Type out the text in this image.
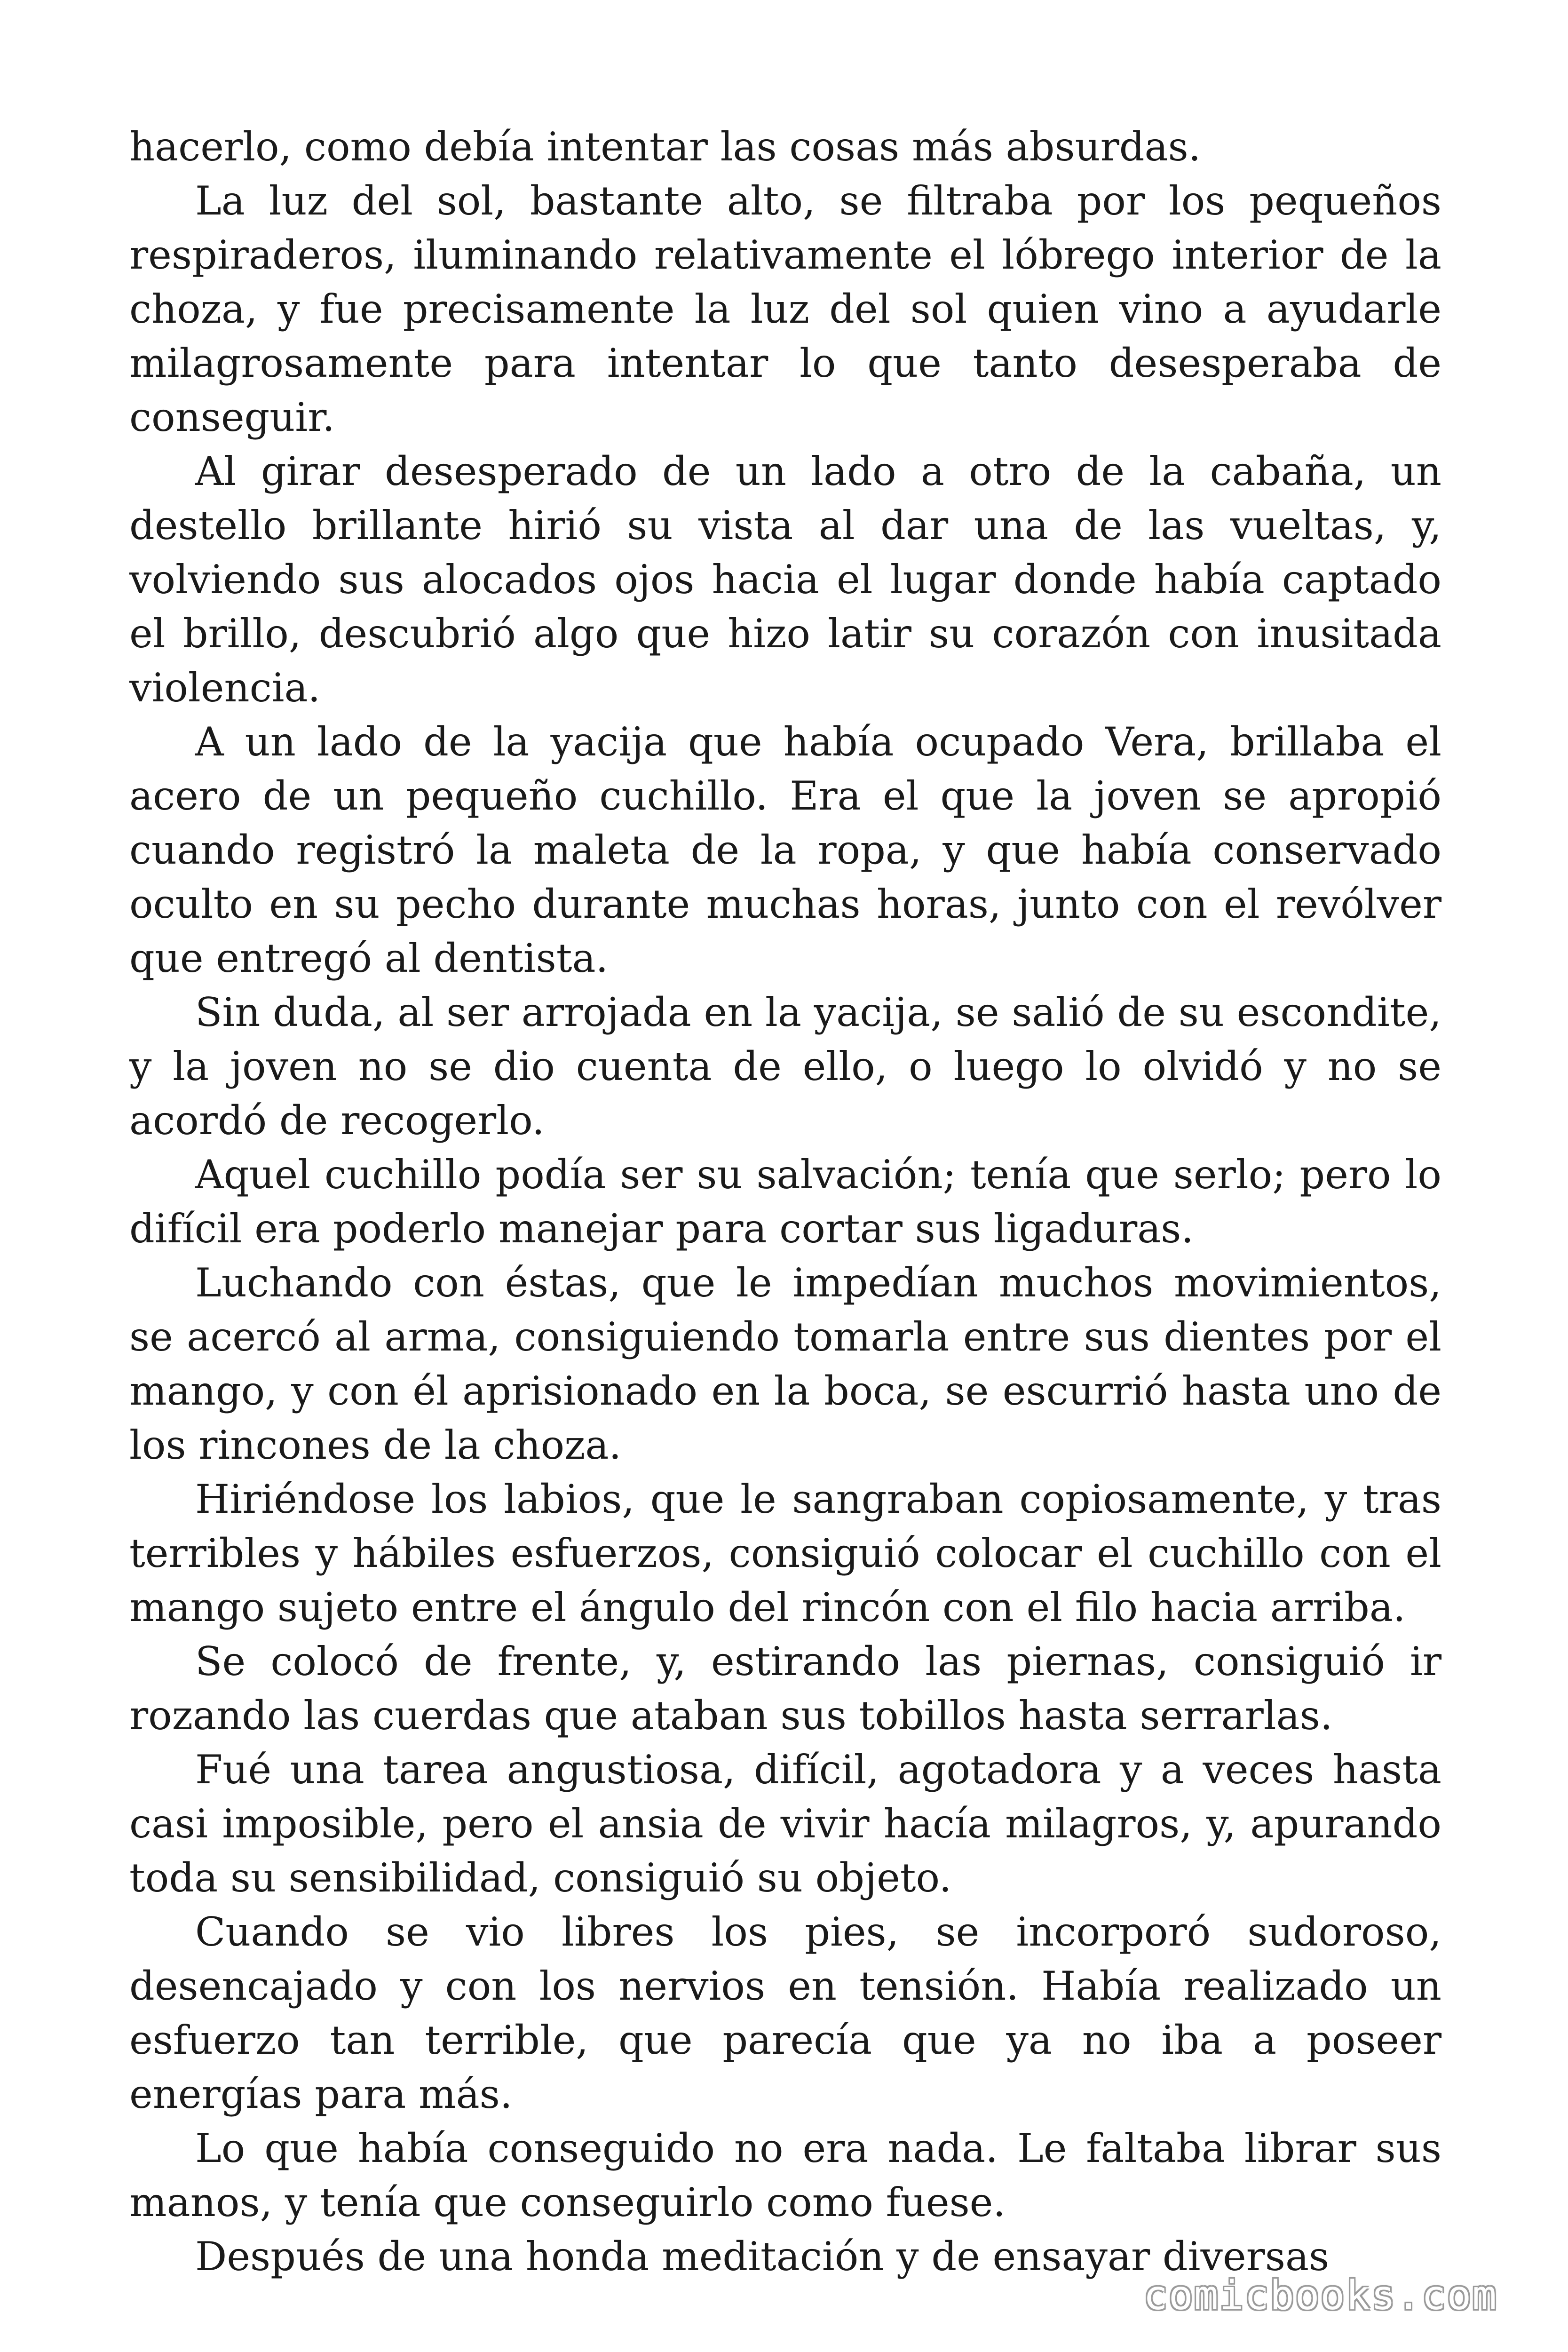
hacerlo, como debía intentar las cosas más absurdas.

La luz del sol, bastante alto, se filtraba por los pequeños respiraderos, iluminando relativamente el lóbrego interior de la choza, y fue precisamente la luz del sol quien vino a ayudarle milagrosamente para intentar lo que tanto desesperaba de conseguir.

Al girar desesperado de un lado a otro de la cabaña, un destello brillante hirió su vista al dar una de las vueltas, y, volviendo sus alocados ojos hacia el lugar donde había captado el brillo, descubrió algo que hizo latir su corazón con inusitada violencia.

A un lado de la yacija que había ocupado Vera, brillaba el acero de un pequeño cuchillo. Era el que la joven se apropió cuando registró la maleta de la ropa, y que había conservado oculto en su pecho durante muchas horas, junto con el revólver que entregó al dentista.

Sin duda, al ser arrojada en la yacija, se salió de su escondite, y la joven no se dio cuenta de ello, o luego lo olvidó y no se acordó de recogerlo.

Aquel cuchillo podía ser su salvación; tenía que serlo; pero lo difícil era poderlo manejar para cortar sus ligaduras.

Luchando con éstas, que le impedían muchos movimientos, se acercó al arma, consiguiendo tomarla entre sus dientes por el mango, y con él aprisionado en la boca, se escurrió hasta uno de los rincones de la choza.

Hiriéndose los labios, que le sangraban copiosamente, y tras terribles y hábiles esfuerzos, consiguió colocar el cuchillo con el mango sujeto entre el ángulo del rincón con el filo hacia arriba.

Se colocó de frente, y, estirando las piernas, consiguió ir rozando las cuerdas que ataban sus tobillos hasta serrarlas.

Fué una tarea angustiosa, difícil, agotadora y a veces hasta casi imposible, pero el ansia de vivir hacía milagros, y, apurando toda su sensibilidad, consiguió su objeto.

Cuando se vio libres los pies, se incorporó sudoroso, desencajado y con los nervios en tensión. Había realizado un esfuerzo tan terrible, que parecía que ya no iba a poseer energías para más.

Lo que había conseguido no era nada. Le faltaba librar sus manos, y tenía que conseguirlo como fuese.

Después de una honda meditación y de ensayar diversas

comicbooks.com
